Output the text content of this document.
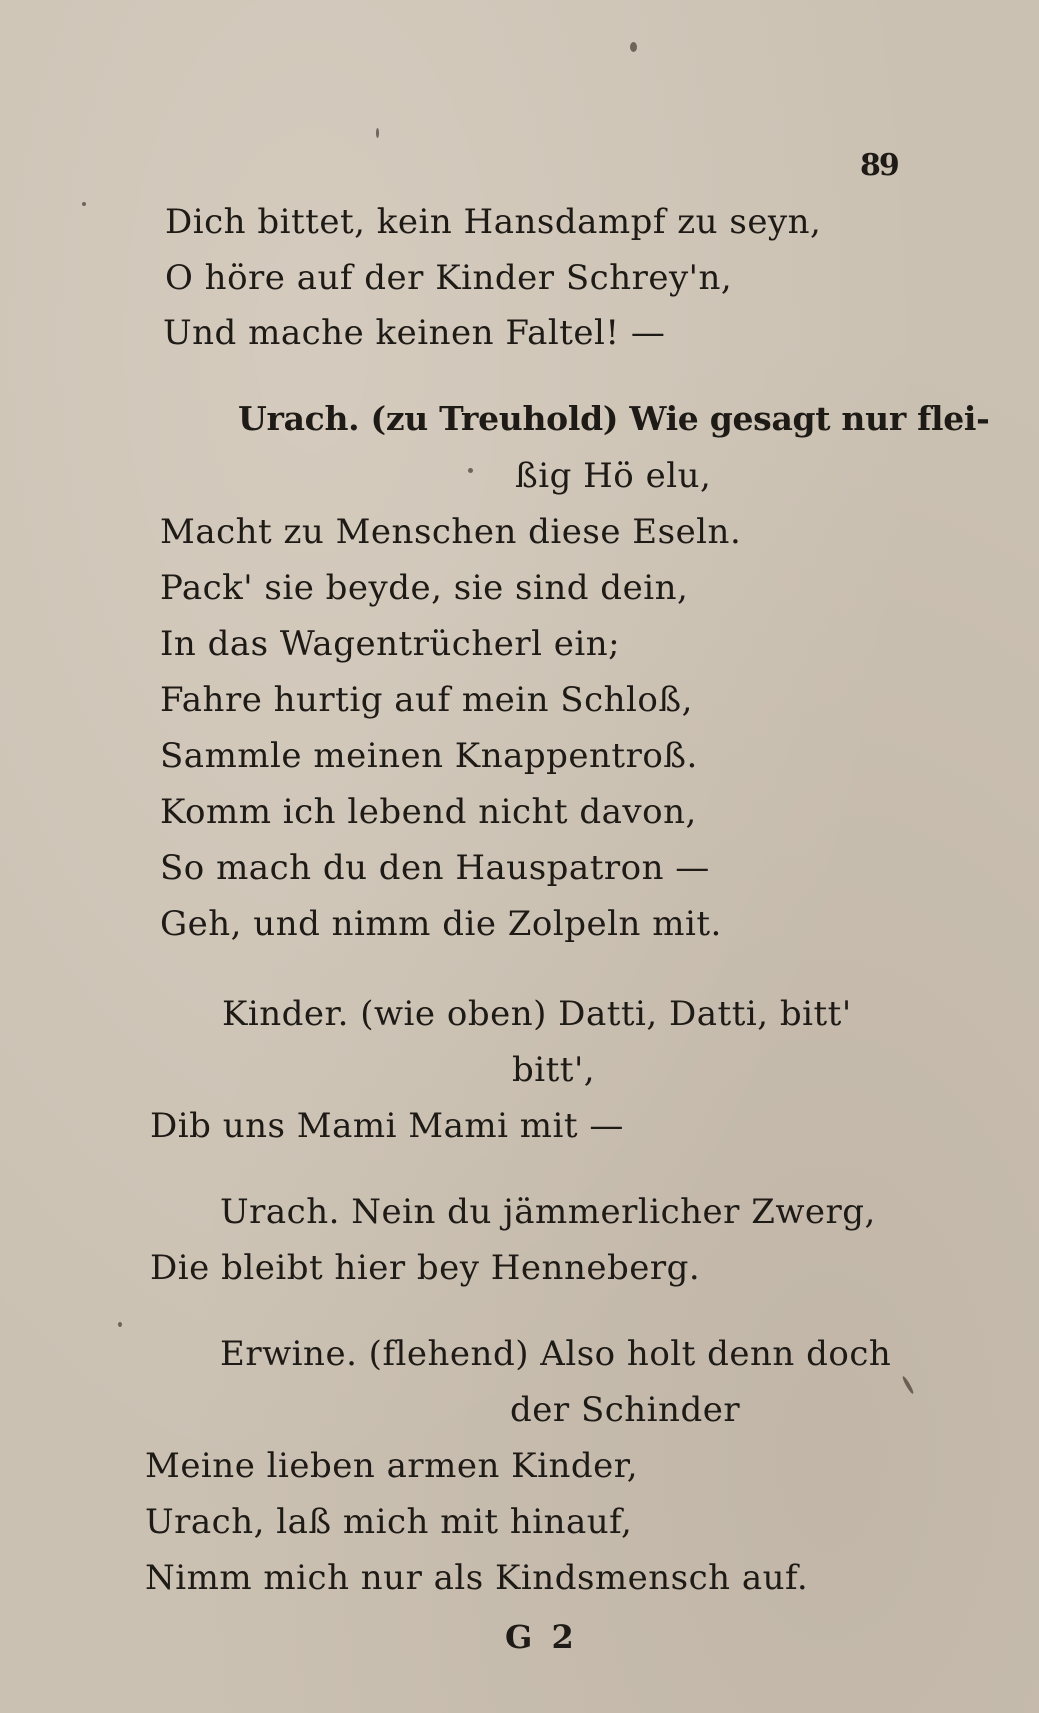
89
Dich bittet, kein Hansdampf zu seyn,
O höre auf der Kinder Schrey'n,
Und mache keinen Faltel! —
Urach. (zu Treuhold) Wie gesagt nur flei-
ßig Hö elu,
Macht zu Menschen diese Eseln.
Pack' sie beyde, sie sind dein,
In das Wagentrücherl ein;
Fahre hurtig auf mein Schloß,
Sammle meinen Knappentroß.
Komm ich lebend nicht davon,
So mach du den Hauspatron —
Geh, und nimm die Zolpeln mit.
Kinder. (wie oben) Datti, Datti, bitt'
bitt',
Dib uns Mami Mami mit —
Urach. Nein du jämmerlicher Zwerg,
Die bleibt hier bey Henneberg.
Erwine. (flehend) Also holt denn doch
der Schinder
Meine lieben armen Kinder,
Urach, laß mich mit hinauf,
Nimm mich nur als Kindsmensch auf.
G 2
